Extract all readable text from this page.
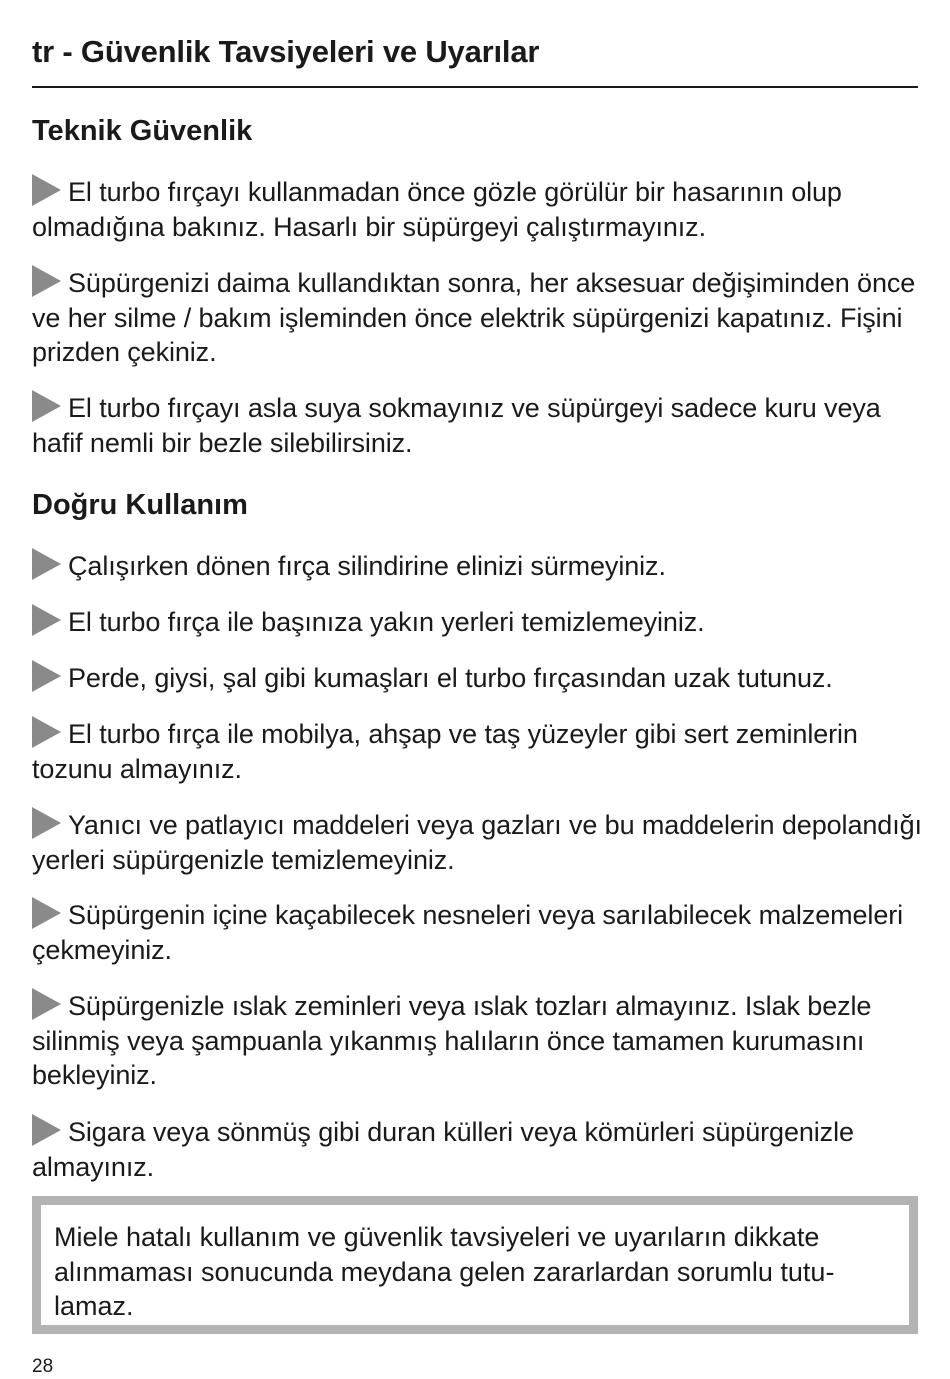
tr - Güvenlik Tavsiyeleri ve Uyarılar
Teknik Güvenlik

El turbo fırçayı kullanmadan önce gözle görülür bir hasarının olup olmadığına bakınız. Hasarlı bir süpürgeyi çalıştırmayınız.

Süpürgenizi daima kullandıktan sonra, her aksesuar değişiminden önce ve her silme / bakım işleminden önce elektrik süpürgenizi kapatınız. Fişini prizden çekiniz.

El turbo fırçayı asla suya sokmayınız ve süpürgeyi sadece kuru veya hafif nemli bir bezle silebilirsiniz.

Doğru Kullanım

Çalışırken dönen fırça silindirine elinizi sürmeyiniz.

El turbo fırça ile başınıza yakın yerleri temizlemeyiniz.

Perde, giysi, şal gibi kumaşları el turbo fırçasından uzak tutunuz.

El turbo fırça ile mobilya, ahşap ve taş yüzeyler gibi sert zeminlerin tozunu almayınız.

Yanıcı ve patlayıcı maddeleri veya gazları ve bu maddelerin depolandığı yerleri süpürgenizle temizlemeyiniz.

Süpürgenin içine kaçabilecek nesneleri veya sarılabilecek malzemeleri çekmeyiniz.

Süpürgenizle ıslak zeminleri veya ıslak tozları almayınız. Islak bezle silinmiş veya şampuanla yıkanmış halıların önce tamamen kurumasını bekleyiniz.

Sigara veya sönmüş gibi duran külleri veya kömürleri süpürgenizle almayınız.

Miele hatalı kullanım ve güvenlik tavsiyeleri ve uyarıların dikkate alınmaması sonucunda meydana gelen zararlardan sorumlu tutulamaz.

28
